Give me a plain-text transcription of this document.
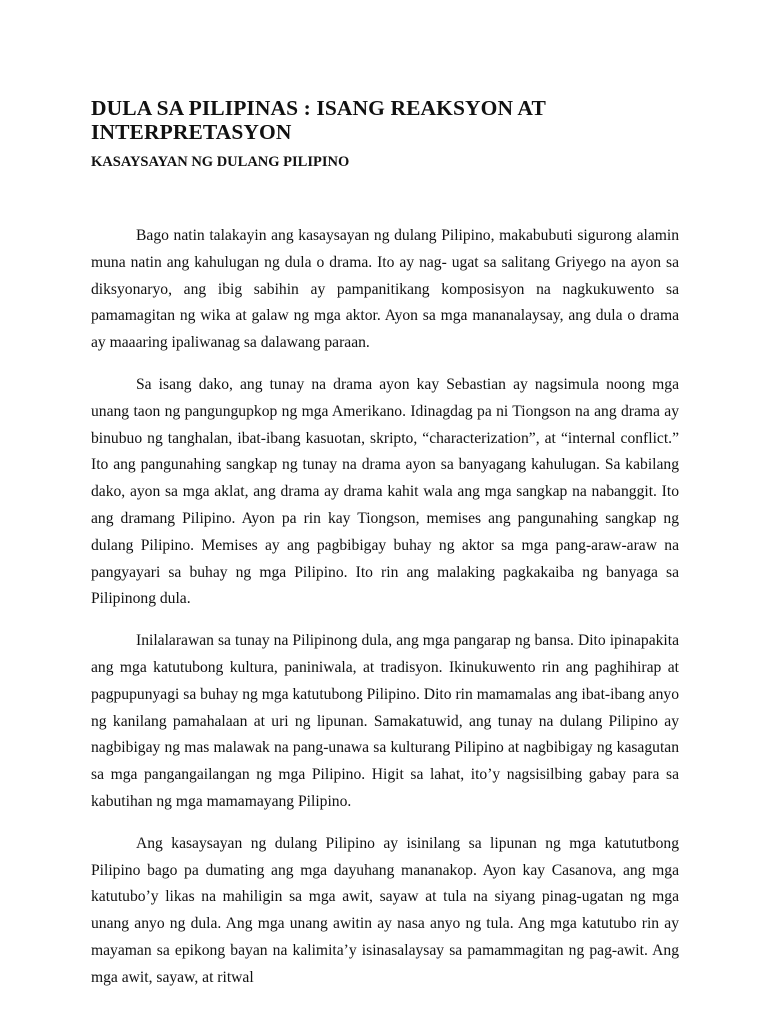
DULA SA PILIPINAS : ISANG REAKSYON AT INTERPRETASYON
KASAYSAYAN NG DULANG PILIPINO

Bago natin talakayin ang kasaysayan ng dulang Pilipino, makabubuti sigurong alamin muna natin ang kahulugan ng dula o drama. Ito ay nag- ugat sa salitang Griyego na ayon sa diksyonaryo, ang ibig sabihin ay pampanitikang komposisyon na nagkukuwento sa pamamagitan ng wika at galaw ng mga aktor. Ayon sa mga mananalaysay, ang dula o drama ay maaaring ipaliwanag sa dalawang paraan.

Sa isang dako, ang tunay na drama ayon kay Sebastian ay nagsimula noong mga unang taon ng pangungupkop ng mga Amerikano. Idinagdag pa ni Tiongson na ang drama ay binubuo ng tanghalan, ibat-ibang kasuotan, skripto, “characterization”, at “internal conflict.” Ito ang pangunahing sangkap ng tunay na drama ayon sa banyagang kahulugan. Sa kabilang dako, ayon sa mga aklat, ang drama ay drama kahit wala ang mga sangkap na nabanggit. Ito ang dramang Pilipino. Ayon pa rin kay Tiongson, memises ang pangunahing sangkap ng dulang Pilipino. Memises ay ang pagbibigay buhay ng aktor sa mga pang-araw-araw na pangyayari sa buhay ng mga Pilipino. Ito rin ang malaking pagkakaiba ng banyaga sa Pilipinong dula.

Inilalarawan sa tunay na Pilipinong dula, ang mga pangarap ng bansa. Dito ipinapakita ang mga katutubong kultura, paniniwala, at tradisyon. Ikinukuwento rin ang paghihirap at pagpupunyagi sa buhay ng mga katutubong Pilipino. Dito rin mamamalas ang ibat-ibang anyo ng kanilang pamahalaan at uri ng lipunan. Samakatuwid, ang tunay na dulang Pilipino ay nagbibigay ng mas malawak na pang-unawa sa kulturang Pilipino at nagbibigay ng kasagutan sa mga pangangailangan ng mga Pilipino. Higit sa lahat, ito’y nagsisilbing gabay para sa kabutihan ng mga mamamayang Pilipino.

Ang kasaysayan ng dulang Pilipino ay isinilang sa lipunan ng mga katututbong Pilipino bago pa dumating ang mga dayuhang mananakop. Ayon kay Casanova, ang mga katutubo’y likas na mahiligin sa mga awit, sayaw at tula na siyang pinag-ugatan ng mga unang anyo ng dula. Ang mga unang awitin ay nasa anyo ng tula. Ang mga katutubo rin ay mayaman sa epikong bayan na kalimita’y isinasalaysay sa pamammagitan ng pag-awit. Ang mga awit, sayaw, at ritwal
